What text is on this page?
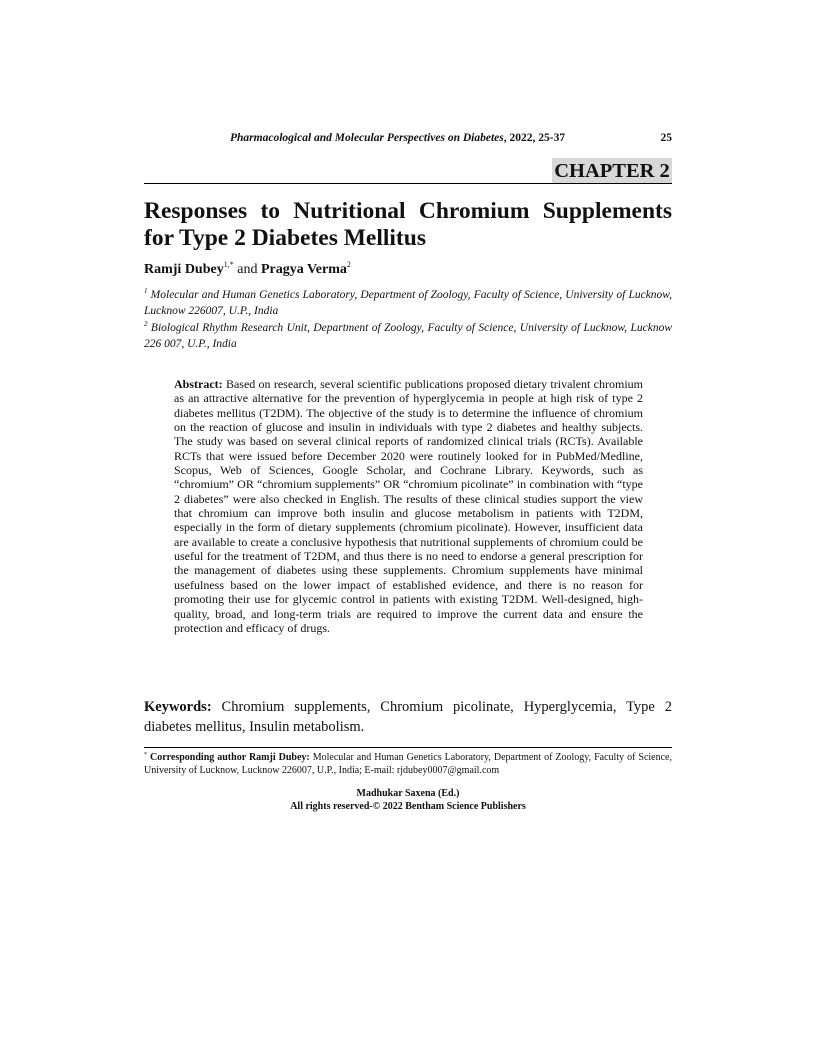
Pharmacological and Molecular Perspectives on Diabetes, 2022, 25-37	25
CHAPTER 2
Responses to Nutritional Chromium Supplements for Type 2 Diabetes Mellitus
Ramji Dubey$^{1,*}$ and Pragya Verma$^2$
$^1$ Molecular and Human Genetics Laboratory, Department of Zoology, Faculty of Science, University of Lucknow, Lucknow 226007, U.P., India
$^2$ Biological Rhythm Research Unit, Department of Zoology, Faculty of Science, University of Lucknow, Lucknow 226 007, U.P., India

Abstract: Based on research, several scientific publications proposed dietary trivalent chromium as an attractive alternative for the prevention of hyperglycemia in people at high risk of type 2 diabetes mellitus (T2DM). The objective of the study is to determine the influence of chromium on the reaction of glucose and insulin in individuals with type 2 diabetes and healthy subjects. The study was based on several clinical reports of randomized clinical trials (RCTs). Available RCTs that were issued before December 2020 were routinely looked for in PubMed/Medline, Scopus, Web of Sciences, Google Scholar, and Cochrane Library. Keywords, such as “chromium” OR “chromium supplements” OR “chromium picolinate” in combination with “type 2 diabetes” were also checked in English. The results of these clinical studies support the view that chromium can improve both insulin and glucose metabolism in patients with T2DM, especially in the form of dietary supplements (chromium picolinate). However, insufficient data are available to create a conclusive hypothesis that nutritional supplements of chromium could be useful for the treatment of T2DM, and thus there is no need to endorse a general prescription for the management of diabetes using these supplements. Chromium supplements have minimal usefulness based on the lower impact of established evidence, and there is no reason for promoting their use for glycemic control in patients with existing T2DM. Well-designed, high-quality, broad, and long-term trials are required to improve the current data and ensure the protection and efficacy of drugs.

Keywords: Chromium supplements, Chromium picolinate, Hyperglycemia, Type 2 diabetes mellitus, Insulin metabolism.

* Corresponding author Ramji Dubey: Molecular and Human Genetics Laboratory, Department of Zoology, Faculty of Science, University of Lucknow, Lucknow 226007, U.P., India; E-mail: rjdubey0007@gmail.com

Madhukar Saxena (Ed.)
All rights reserved-© 2022 Bentham Science Publishers
